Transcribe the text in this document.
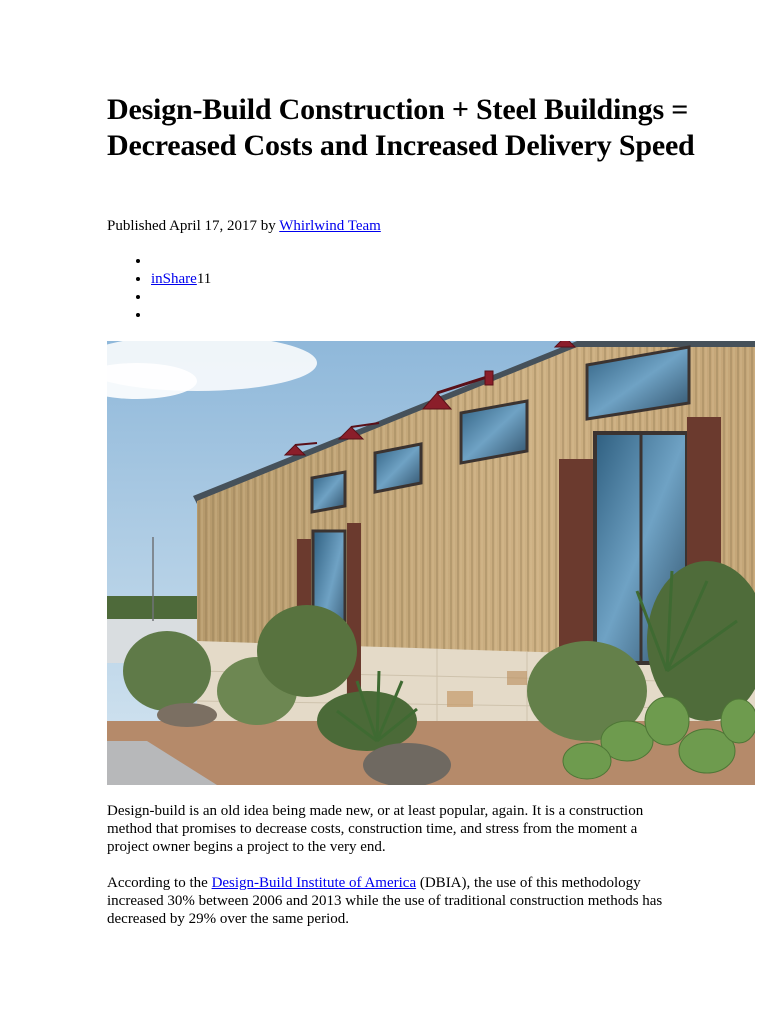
Design-Build Construction + Steel Buildings = Decreased Costs and Increased Delivery Speed
Published April 17, 2017 by Whirlwind Team
•
• inShare11
•
•

Design-build is an old idea being made new, or at least popular, again. It is a construction method that promises to decrease costs, construction time, and stress from the moment a project owner begins a project to the very end.

According to the Design-Build Institute of America (DBIA), the use of this methodology increased 30% between 2006 and 2013 while the use of traditional construction methods has decreased by 29% over the same period.
